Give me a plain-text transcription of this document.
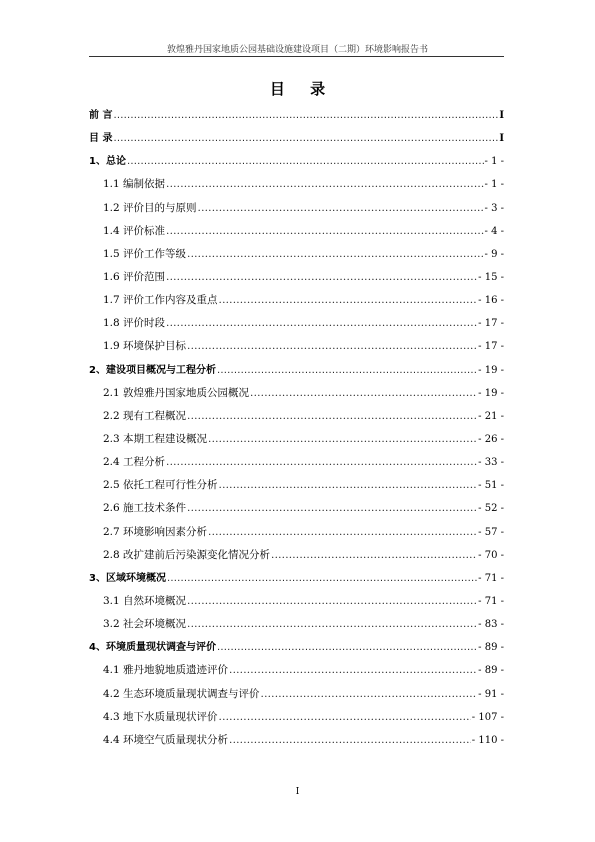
敦煌雅丹国家地质公园基础设施建设项目（二期）环境影响报告书
目 录
前 言 .....	I
目 录 .....	I
1、总论 .....	- 1 -
1.1 编制依据 .....	- 1 -
1.2 评价目的与原则 .....	- 3 -
1.4 评价标准 .....	- 4 -
1.5 评价工作等级 .....	- 9 -
1.6 评价范围 .....	- 15 -
1.7 评价工作内容及重点 .....	- 16 -
1.8 评价时段 .....	- 17 -
1.9 环境保护目标 .....	- 17 -
2、建设项目概况与工程分析 .....	- 19 -
2.1 敦煌雅丹国家地质公园概况 .....	- 19 -
2.2 现有工程概况 .....	- 21 -
2.3 本期工程建设概况 .....	- 26 -
2.4 工程分析 .....	- 33 -
2.5 依托工程可行性分析 .....	- 51 -
2.6 施工技术条件 .....	- 52 -
2.7 环境影响因素分析 .....	- 57 -
2.8 改扩建前后污染源变化情况分析 .....	- 70 -
3、区域环境概况 .....	- 71 -
3.1 自然环境概况 .....	- 71 -
3.2 社会环境概况 .....	- 83 -
4、环境质量现状调查与评价 .....	- 89 -
4.1 雅丹地貌地质遗迹评价 .....	- 89 -
4.2 生态环境质量现状调查与评价 .....	- 91 -
4.3 地下水质量现状评价 .....	- 107 -
4.4 环境空气质量现状分析 .....	- 110 -
I
